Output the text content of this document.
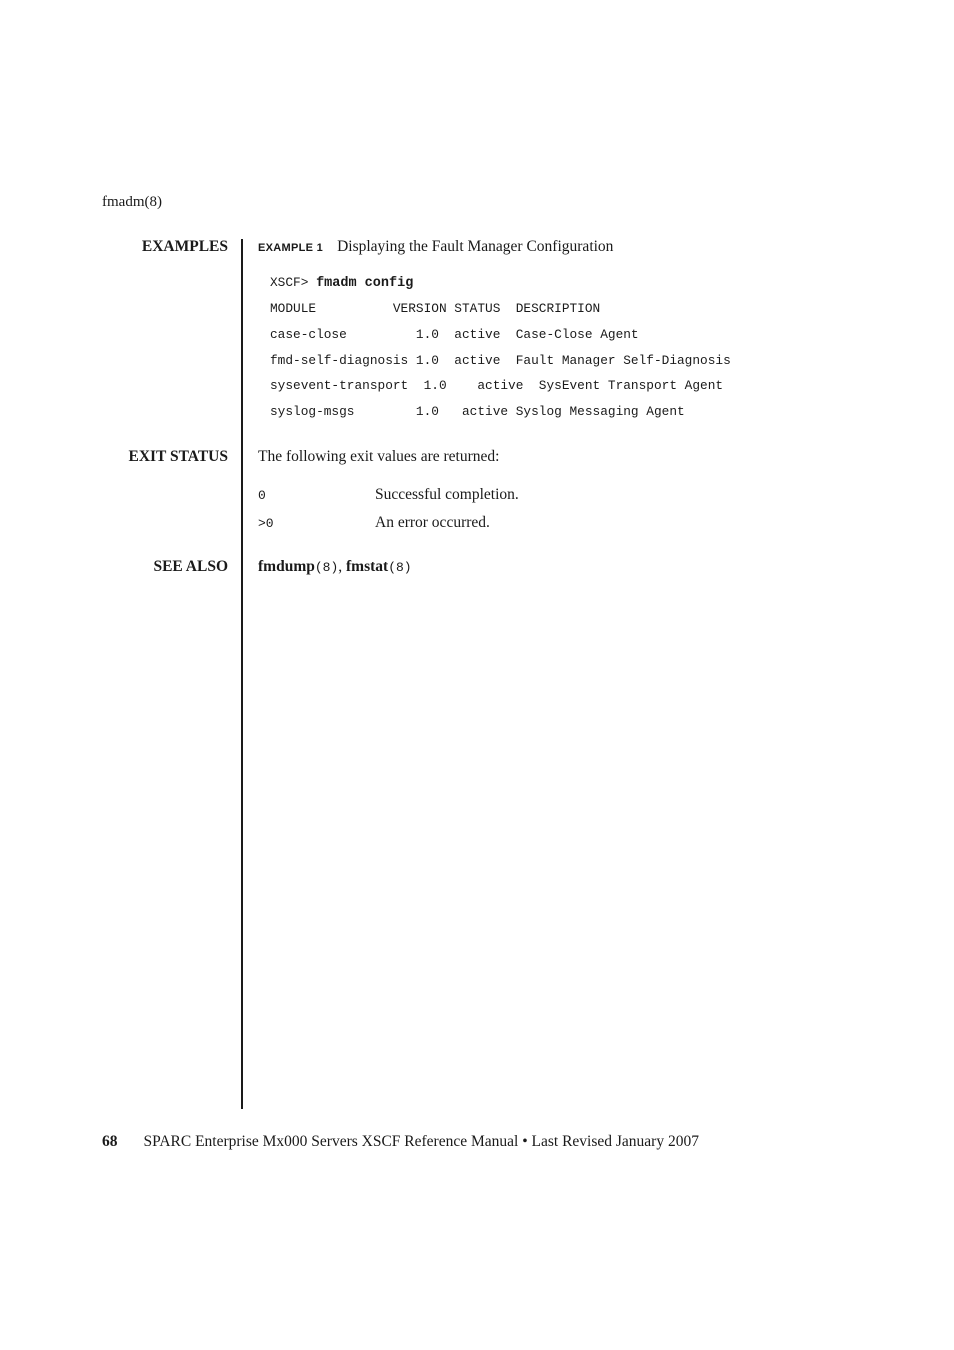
fmadm(8)
EXAMPLES	EXAMPLE 1 Displaying the Fault Manager Configuration
XSCF> fmadm config
MODULE          VERSION STATUS  DESCRIPTION
case-close         1.0  active  Case-Close Agent
fmd-self-diagnosis 1.0  active  Fault Manager Self-Diagnosis
sysevent-transport  1.0    active  SysEvent Transport Agent
syslog-msgs        1.0   active Syslog Messaging Agent
EXIT STATUS The following exit values are returned:
0	Successful completion.
>0	An error occurred.
SEE ALSO fmdump(8), fmstat(8)
68 SPARC Enterprise Mx000 Servers XSCF Reference Manual • Last Revised January 2007
